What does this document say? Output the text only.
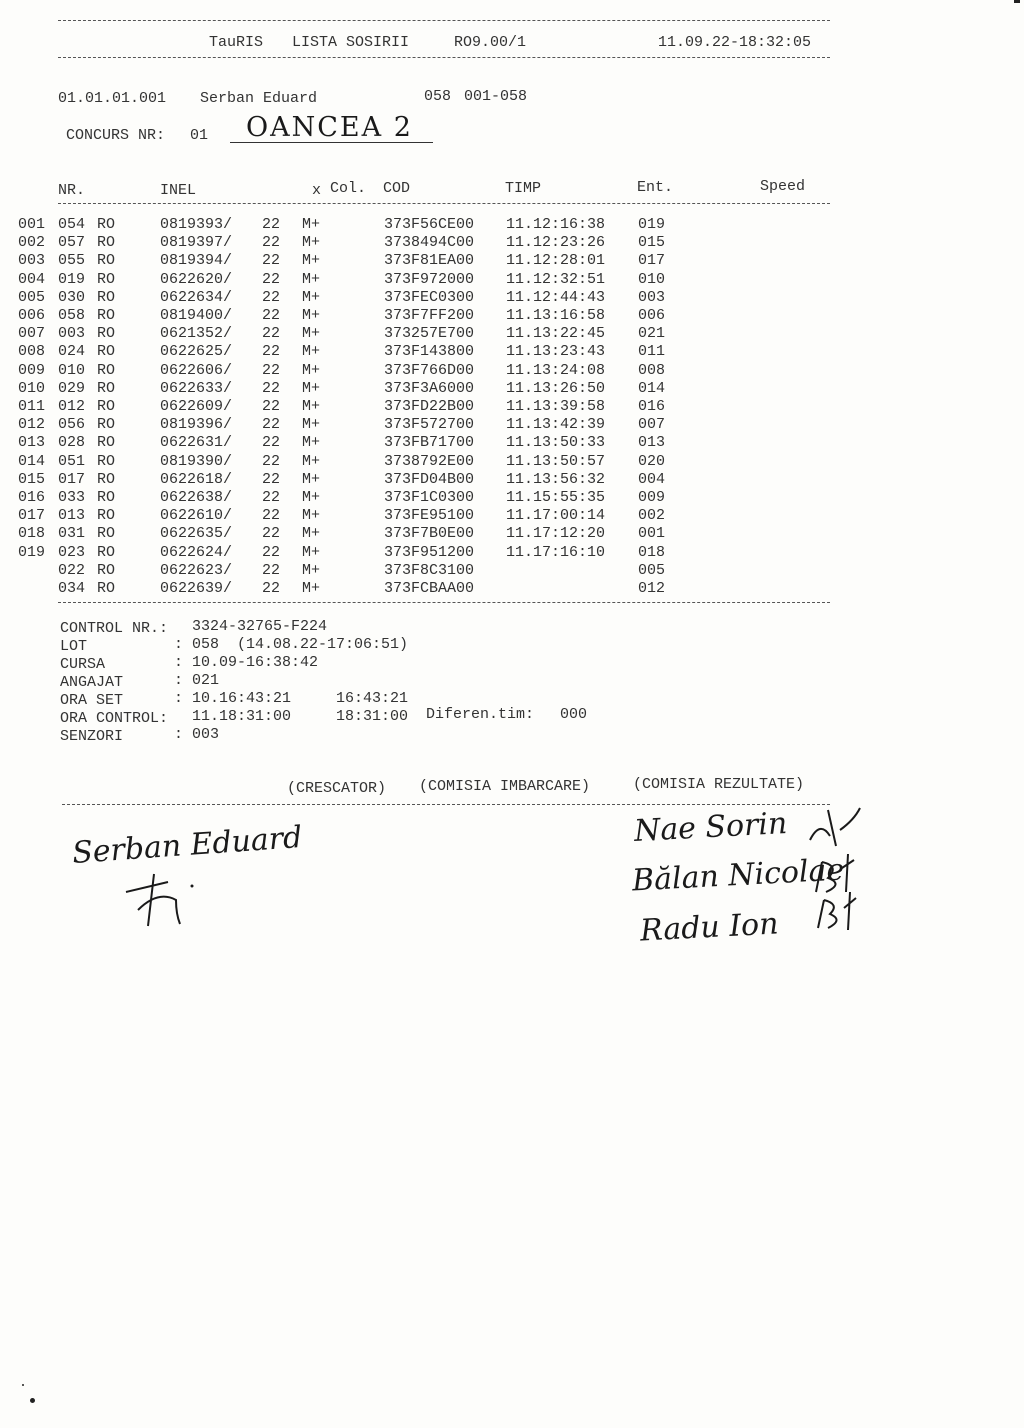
TauRIS LISTA SOSIRII	RO9.00/1	11.09.22-18:32:05
01.01.01.001 Serban Eduard	058 001-058
CONCURS NR: 01 OANCEA 2
NR.	INEL	x Col. COD	TIMP	Ent.	Speed
001 054 RO	0819393/ 22 M+	373F56CE00 11.12:16:38 019
002 057 RO	0819397/ 22 M+	3738494C00 11.12:23:26 015
003 055 RO	0819394/ 22 M+	373F81EA00 11.12:28:01 017
004 019 RO	0622620/ 22 M+	373F972000 11.12:32:51 010
005 030 RO	0622634/ 22 M+	373FEC0300 11.12:44:43 003
006 058 RO	0819400/ 22 M+	373F7FF200 11.13:16:58 006
007 003 RO	0621352/ 22 M+	373257E700 11.13:22:45 021
008 024 RO	0622625/ 22 M+	373F143800 11.13:23:43 011
009 010 RO	0622606/ 22 M+	373F766D00 11.13:24:08 008
010 029 RO	0622633/ 22 M+	373F3A6000 11.13:26:50 014
011 012 RO	0622609/ 22 M+	373FD22B00 11.13:39:58 016
012 056 RO	0819396/ 22 M+	373F572700 11.13:42:39 007
013 028 RO	0622631/ 22 M+	373FB71700 11.13:50:33 013
014 051 RO	0819390/ 22 M+	3738792E00 11.13:50:57 020
015 017 RO	0622618/ 22 M+	373FD04B00 11.13:56:32 004
016 033 RO	0622638/ 22 M+	373F1C0300 11.15:55:35 009
017 013 RO	0622610/ 22 M+	373FE95100 11.17:00:14 002
018 031 RO	0622635/ 22 M+	373F7B0E00 11.17:12:20 001
019 023 RO	0622624/ 22 M+	373F951200 11.17:16:10 018
022 RO	0622623/ 22 M+	373F8C3100	005
034 RO	0622639/ 22 M+	373FCBAA00	012
CONTROL NR.: 3324-32765-F224
LOT	: 058  (14.08.22-17:06:51)
CURSA	: 10.09-16:38:42
ANGAJAT	: 021
ORA SET	: 10.16:43:21	16:43:21
ORA CONTROL: 11.18:31:00	18:31:00 Diferen.tim: 000
SENZORI	: 003
(CRESCATOR) (COMISIA IMBARCARE)	(COMISIA REZULTATE)
Serban Eduard	Nae Sorin
Bălan Nicolae
Radu Ion
